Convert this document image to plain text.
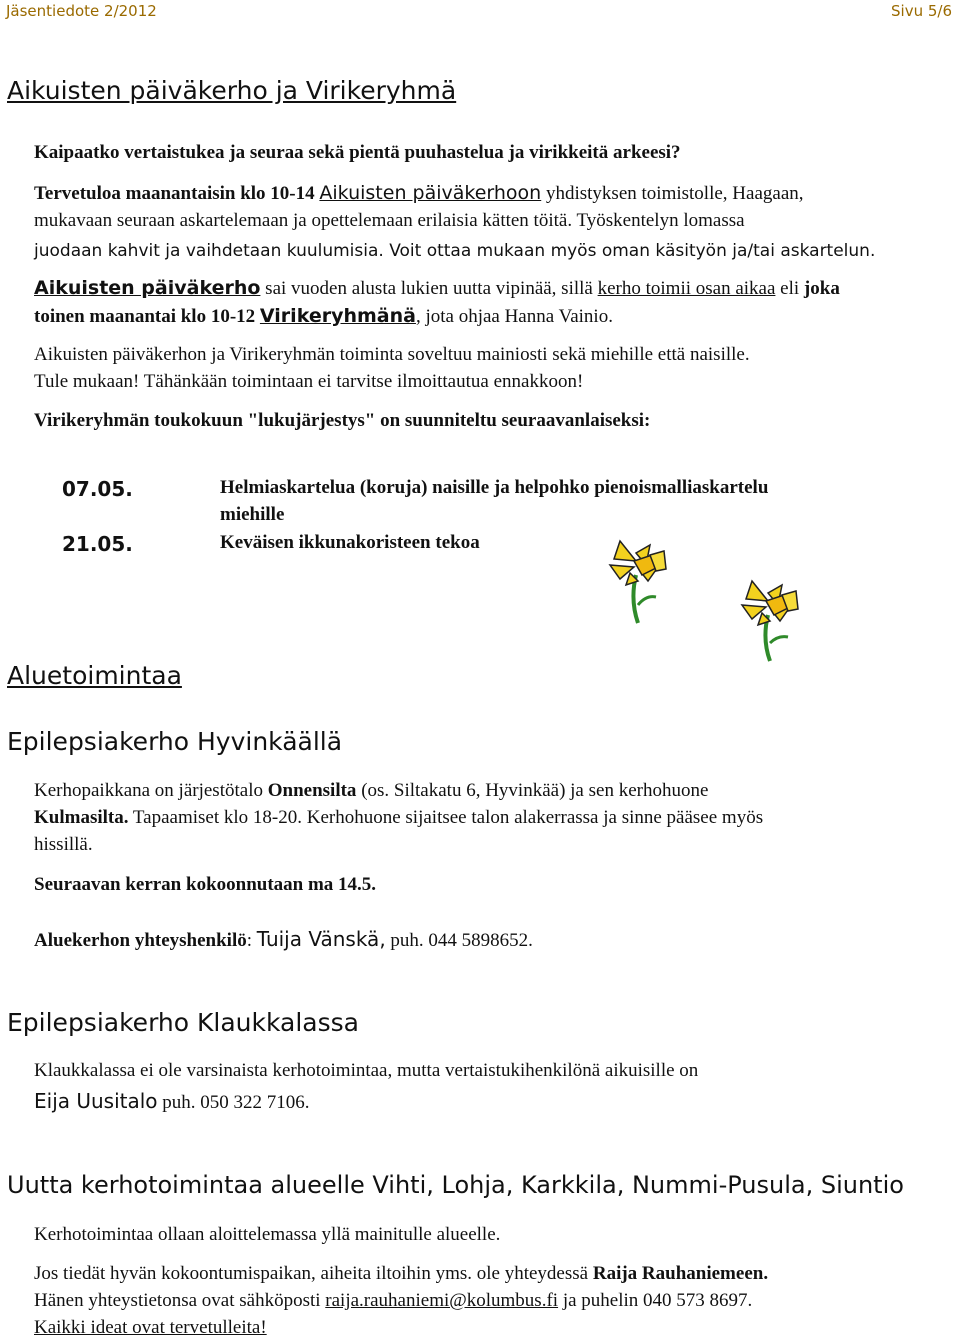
Jäsentiedote 2/2012	Sivu 5/6
Aikuisten päiväkerho ja Virikeryhmä
Kaipaatko vertaistukea ja seuraa sekä pientä puuhastelua ja virikkeitä arkeesi?
Tervetuloa maanantaisin klo 10-14 Aikuisten päiväkerhoon yhdistyksen toimistolle, Haagaan,
mukavaan seuraan askartelemaan ja opettelemaan erilaisia kätten töitä. Työskentelyn lomassa
juodaan kahvit ja vaihdetaan kuulumisia. Voit ottaa mukaan myös oman käsityön ja/tai askartelun.
Aikuisten päiväkerho sai vuoden alusta lukien uutta vipinää, sillä kerho toimii osan aikaa eli joka
toinen maanantai klo 10-12 Virikeryhmänä, jota ohjaa Hanna Vainio.
Aikuisten päiväkerhon ja Virikeryhmän toiminta soveltuu mainiosti sekä miehille että naisille.
Tule mukaan! Tähänkään toimintaan ei tarvitse ilmoittautua ennakkoon!
Virikeryhmän toukokuun "lukujärjestys" on suunniteltu seuraavanlaiseksi:
07.05.	Helmiaskartelua (koruja) naisille ja helpohko pienoismalliaskartelu
miehille
21.05.	Keväisen ikkunakoristeen tekoa
Aluetoimintaa
Epilepsiakerho Hyvinkäällä
Kerhopaikkana on järjestötalo Onnensilta (os. Siltakatu 6, Hyvinkää) ja sen kerhohuone
Kulmasilta. Tapaamiset klo 18-20. Kerhohuone sijaitsee talon alakerrassa ja sinne pääsee myös
hissillä.
Seuraavan kerran kokoonnutaan ma 14.5.
Aluekerhon yhteyshenkilö: Tuija Vänskä, puh. 044 5898652.
Epilepsiakerho Klaukkalassa
Klaukkalassa ei ole varsinaista kerhotoimintaa, mutta vertaistukihenkilönä aikuisille on
Eija Uusitalo puh. 050 322 7106.
Uutta kerhotoimintaa alueelle Vihti, Lohja, Karkkila, Nummi-Pusula, Siuntio
Kerhotoimintaa ollaan aloittelemassa yllä mainitulle alueelle.
Jos tiedät hyvän kokoontumispaikan, aiheita iltoihin yms. ole yhteydessä Raija Rauhaniemeen.
Hänen yhteystietonsa ovat sähköposti raija.rauhaniemi@kolumbus.fi ja puhelin 040 573 8697.
Kaikki ideat ovat tervetulleita!
